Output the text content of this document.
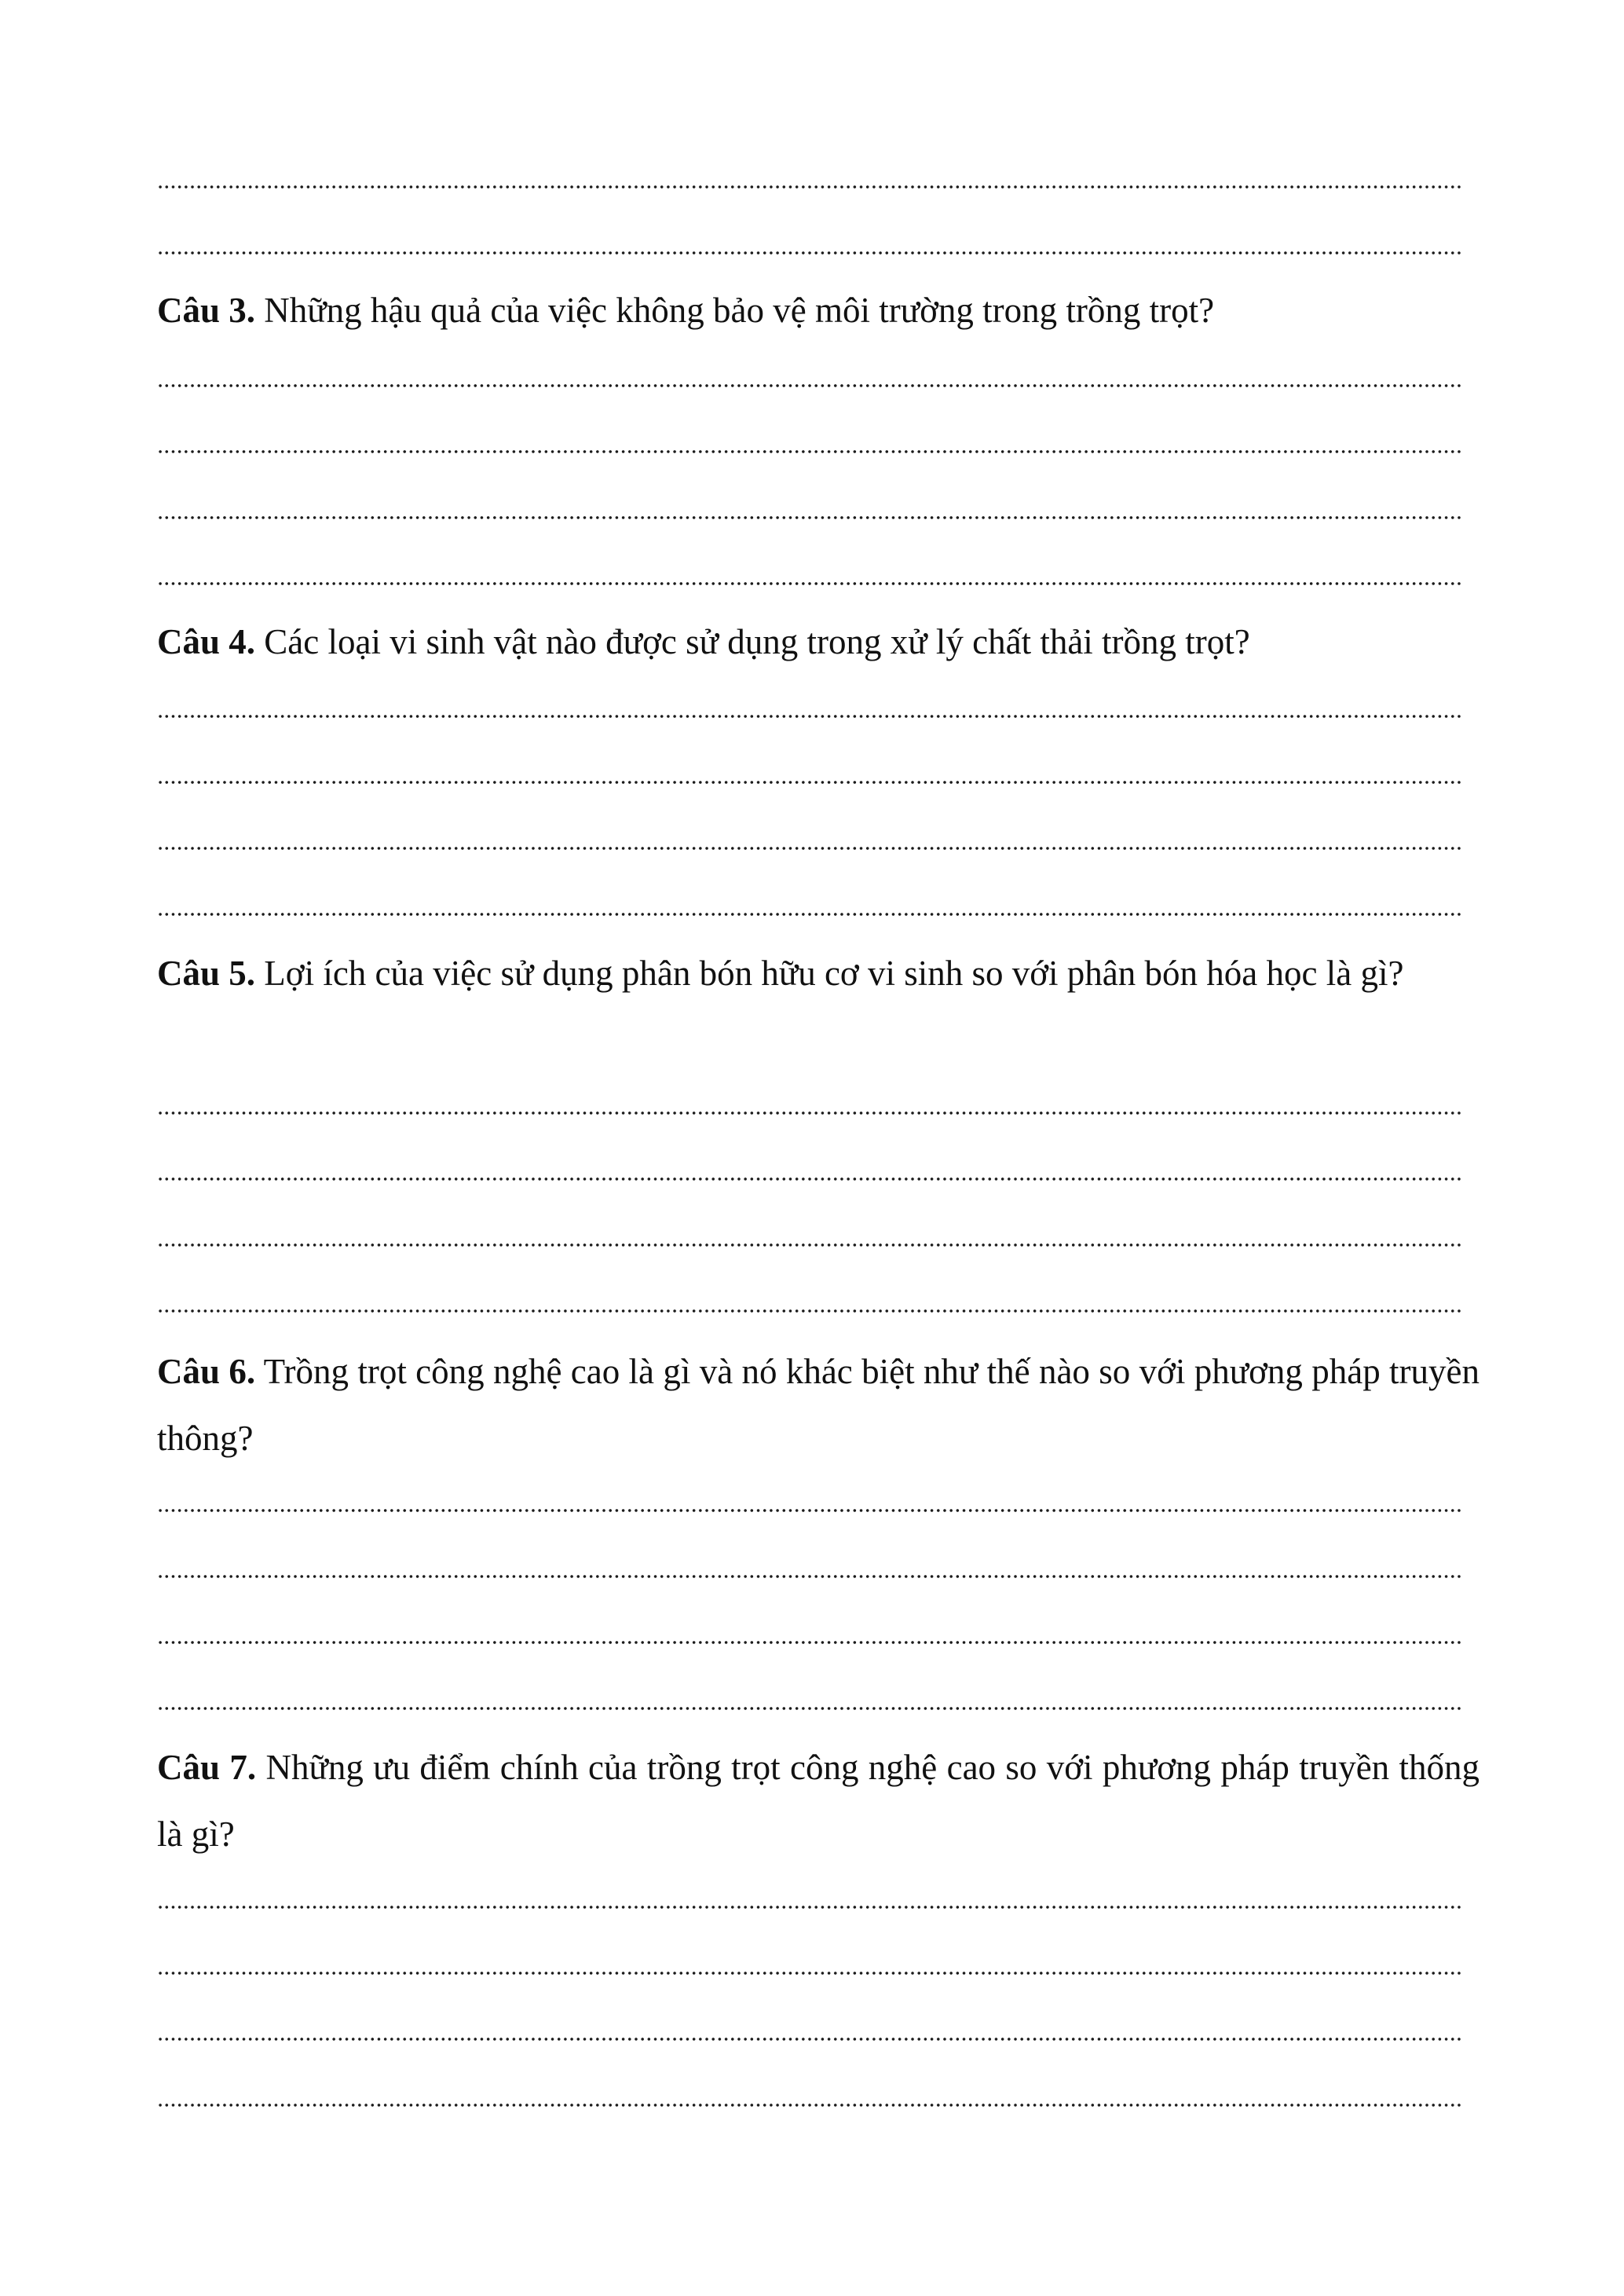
Câu 3. Những hậu quả của việc không bảo vệ môi trường trong trồng trọt?

Câu 4. Các loại vi sinh vật nào được sử dụng trong xử lý chất thải trồng trọt?

Câu 5. Lợi ích của việc sử dụng phân bón hữu cơ vi sinh so với phân bón hóa học là gì?

Câu 6. Trồng trọt công nghệ cao là gì và nó khác biệt như thế nào so với phương pháp truyền thông?

Câu 7. Những ưu điểm chính của trồng trọt công nghệ cao so với phương pháp truyền thống là gì?
